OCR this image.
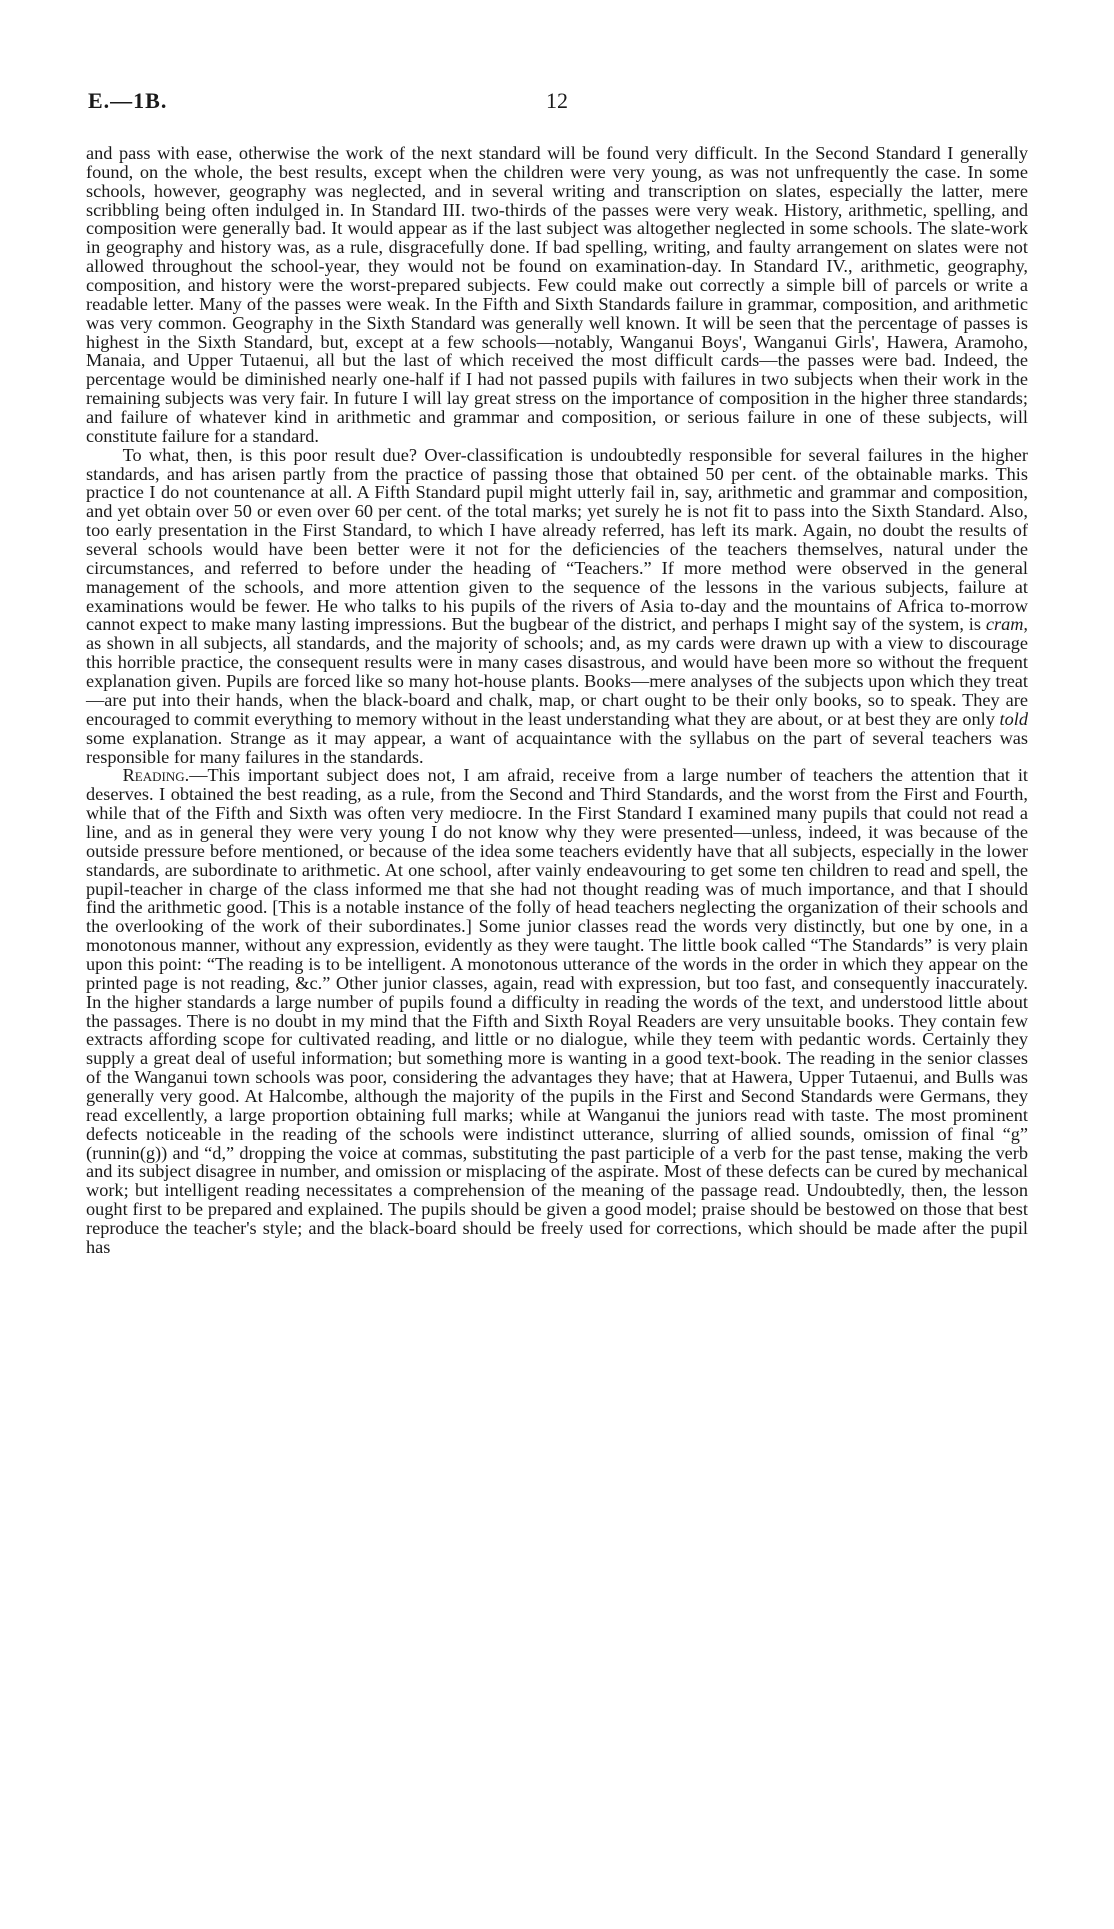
E.—1B.	12

and pass with ease, otherwise the work of the next standard will be found very difficult. In the Second Standard I generally found, on the whole, the best results, except when the children were very young, as was not unfrequently the case. In some schools, however, geography was neglected, and in several writing and transcription on slates, especially the latter, mere scribbling being often indulged in. In Standard III. two-thirds of the passes were very weak. History, arithmetic, spelling, and composition were generally bad. It would appear as if the last subject was altogether neglected in some schools. The slate-work in geography and history was, as a rule, disgracefully done. If bad spelling, writing, and faulty arrangement on slates were not allowed throughout the school-year, they would not be found on examination-day. In Standard IV., arithmetic, geography, composition, and history were the worst-prepared subjects. Few could make out correctly a simple bill of parcels or write a readable letter. Many of the passes were weak. In the Fifth and Sixth Standards failure in grammar, composition, and arithmetic was very common. Geography in the Sixth Standard was generally well known. It will be seen that the percentage of passes is highest in the Sixth Standard, but, except at a few schools—notably, Wanganui Boys', Wanganui Girls', Hawera, Aramoho, Manaia, and Upper Tutaenui, all but the last of which received the most difficult cards—the passes were bad. Indeed, the percentage would be diminished nearly one-half if I had not passed pupils with failures in two subjects when their work in the remaining subjects was very fair. In future I will lay great stress on the importance of composition in the higher three standards; and failure of whatever kind in arithmetic and grammar and composition, or serious failure in one of these subjects, will constitute failure for a standard.

To what, then, is this poor result due? Over-classification is undoubtedly responsible for several failures in the higher standards, and has arisen partly from the practice of passing those that obtained 50 per cent. of the obtainable marks. This practice I do not countenance at all. A Fifth Standard pupil might utterly fail in, say, arithmetic and grammar and composition, and yet obtain over 50 or even over 60 per cent. of the total marks; yet surely he is not fit to pass into the Sixth Standard. Also, too early presentation in the First Standard, to which I have already referred, has left its mark. Again, no doubt the results of several schools would have been better were it not for the deficiencies of the teachers themselves, natural under the circumstances, and referred to before under the heading of “Teachers.” If more method were observed in the general management of the schools, and more attention given to the sequence of the lessons in the various subjects, failure at examinations would be fewer. He who talks to his pupils of the rivers of Asia to-day and the mountains of Africa to-morrow cannot expect to make many lasting impressions. But the bugbear of the district, and perhaps I might say of the system, is cram, as shown in all subjects, all standards, and the majority of schools; and, as my cards were drawn up with a view to discourage this horrible practice, the consequent results were in many cases disastrous, and would have been more so without the frequent explanation given. Pupils are forced like so many hot-house plants. Books—mere analyses of the subjects upon which they treat—are put into their hands, when the black-board and chalk, map, or chart ought to be their only books, so to speak. They are encouraged to commit everything to memory without in the least understanding what they are about, or at best they are only told some explanation. Strange as it may appear, a want of acquaintance with the syllabus on the part of several teachers was responsible for many failures in the standards.

Reading.—This important subject does not, I am afraid, receive from a large number of teachers the attention that it deserves. I obtained the best reading, as a rule, from the Second and Third Standards, and the worst from the First and Fourth, while that of the Fifth and Sixth was often very mediocre. In the First Standard I examined many pupils that could not read a line, and as in general they were very young I do not know why they were presented—unless, indeed, it was because of the outside pressure before mentioned, or because of the idea some teachers evidently have that all subjects, especially in the lower standards, are subordinate to arithmetic. At one school, after vainly endeavouring to get some ten children to read and spell, the pupil-teacher in charge of the class informed me that she had not thought reading was of much importance, and that I should find the arithmetic good. [This is a notable instance of the folly of head teachers neglecting the organization of their schools and the overlooking of the work of their subordinates.] Some junior classes read the words very distinctly, but one by one, in a monotonous manner, without any expression, evidently as they were taught. The little book called “The Standards” is very plain upon this point: “The reading is to be intelligent. A monotonous utterance of the words in the order in which they appear on the printed page is not reading, &c.” Other junior classes, again, read with expression, but too fast, and consequently inaccurately. In the higher standards a large number of pupils found a difficulty in reading the words of the text, and understood little about the passages. There is no doubt in my mind that the Fifth and Sixth Royal Readers are very unsuitable books. They contain few extracts affording scope for cultivated reading, and little or no dialogue, while they teem with pedantic words. Certainly they supply a great deal of useful information; but something more is wanting in a good text-book. The reading in the senior classes of the Wanganui town schools was poor, considering the advantages they have; that at Hawera, Upper Tutaenui, and Bulls was generally very good. At Halcombe, although the majority of the pupils in the First and Second Standards were Germans, they read excellently, a large proportion obtaining full marks; while at Wanganui the juniors read with taste. The most prominent defects noticeable in the reading of the schools were indistinct utterance, slurring of allied sounds, omission of final “g” (runnin(g)) and “d,” dropping the voice at commas, substituting the past participle of a verb for the past tense, making the verb and its subject disagree in number, and omission or misplacing of the aspirate. Most of these defects can be cured by mechanical work; but intelligent reading necessitates a comprehension of the meaning of the passage read. Undoubtedly, then, the lesson ought first to be prepared and explained. The pupils should be given a good model; praise should be bestowed on those that best reproduce the teacher's style; and the black-board should be freely used for corrections, which should be made after the pupil has
